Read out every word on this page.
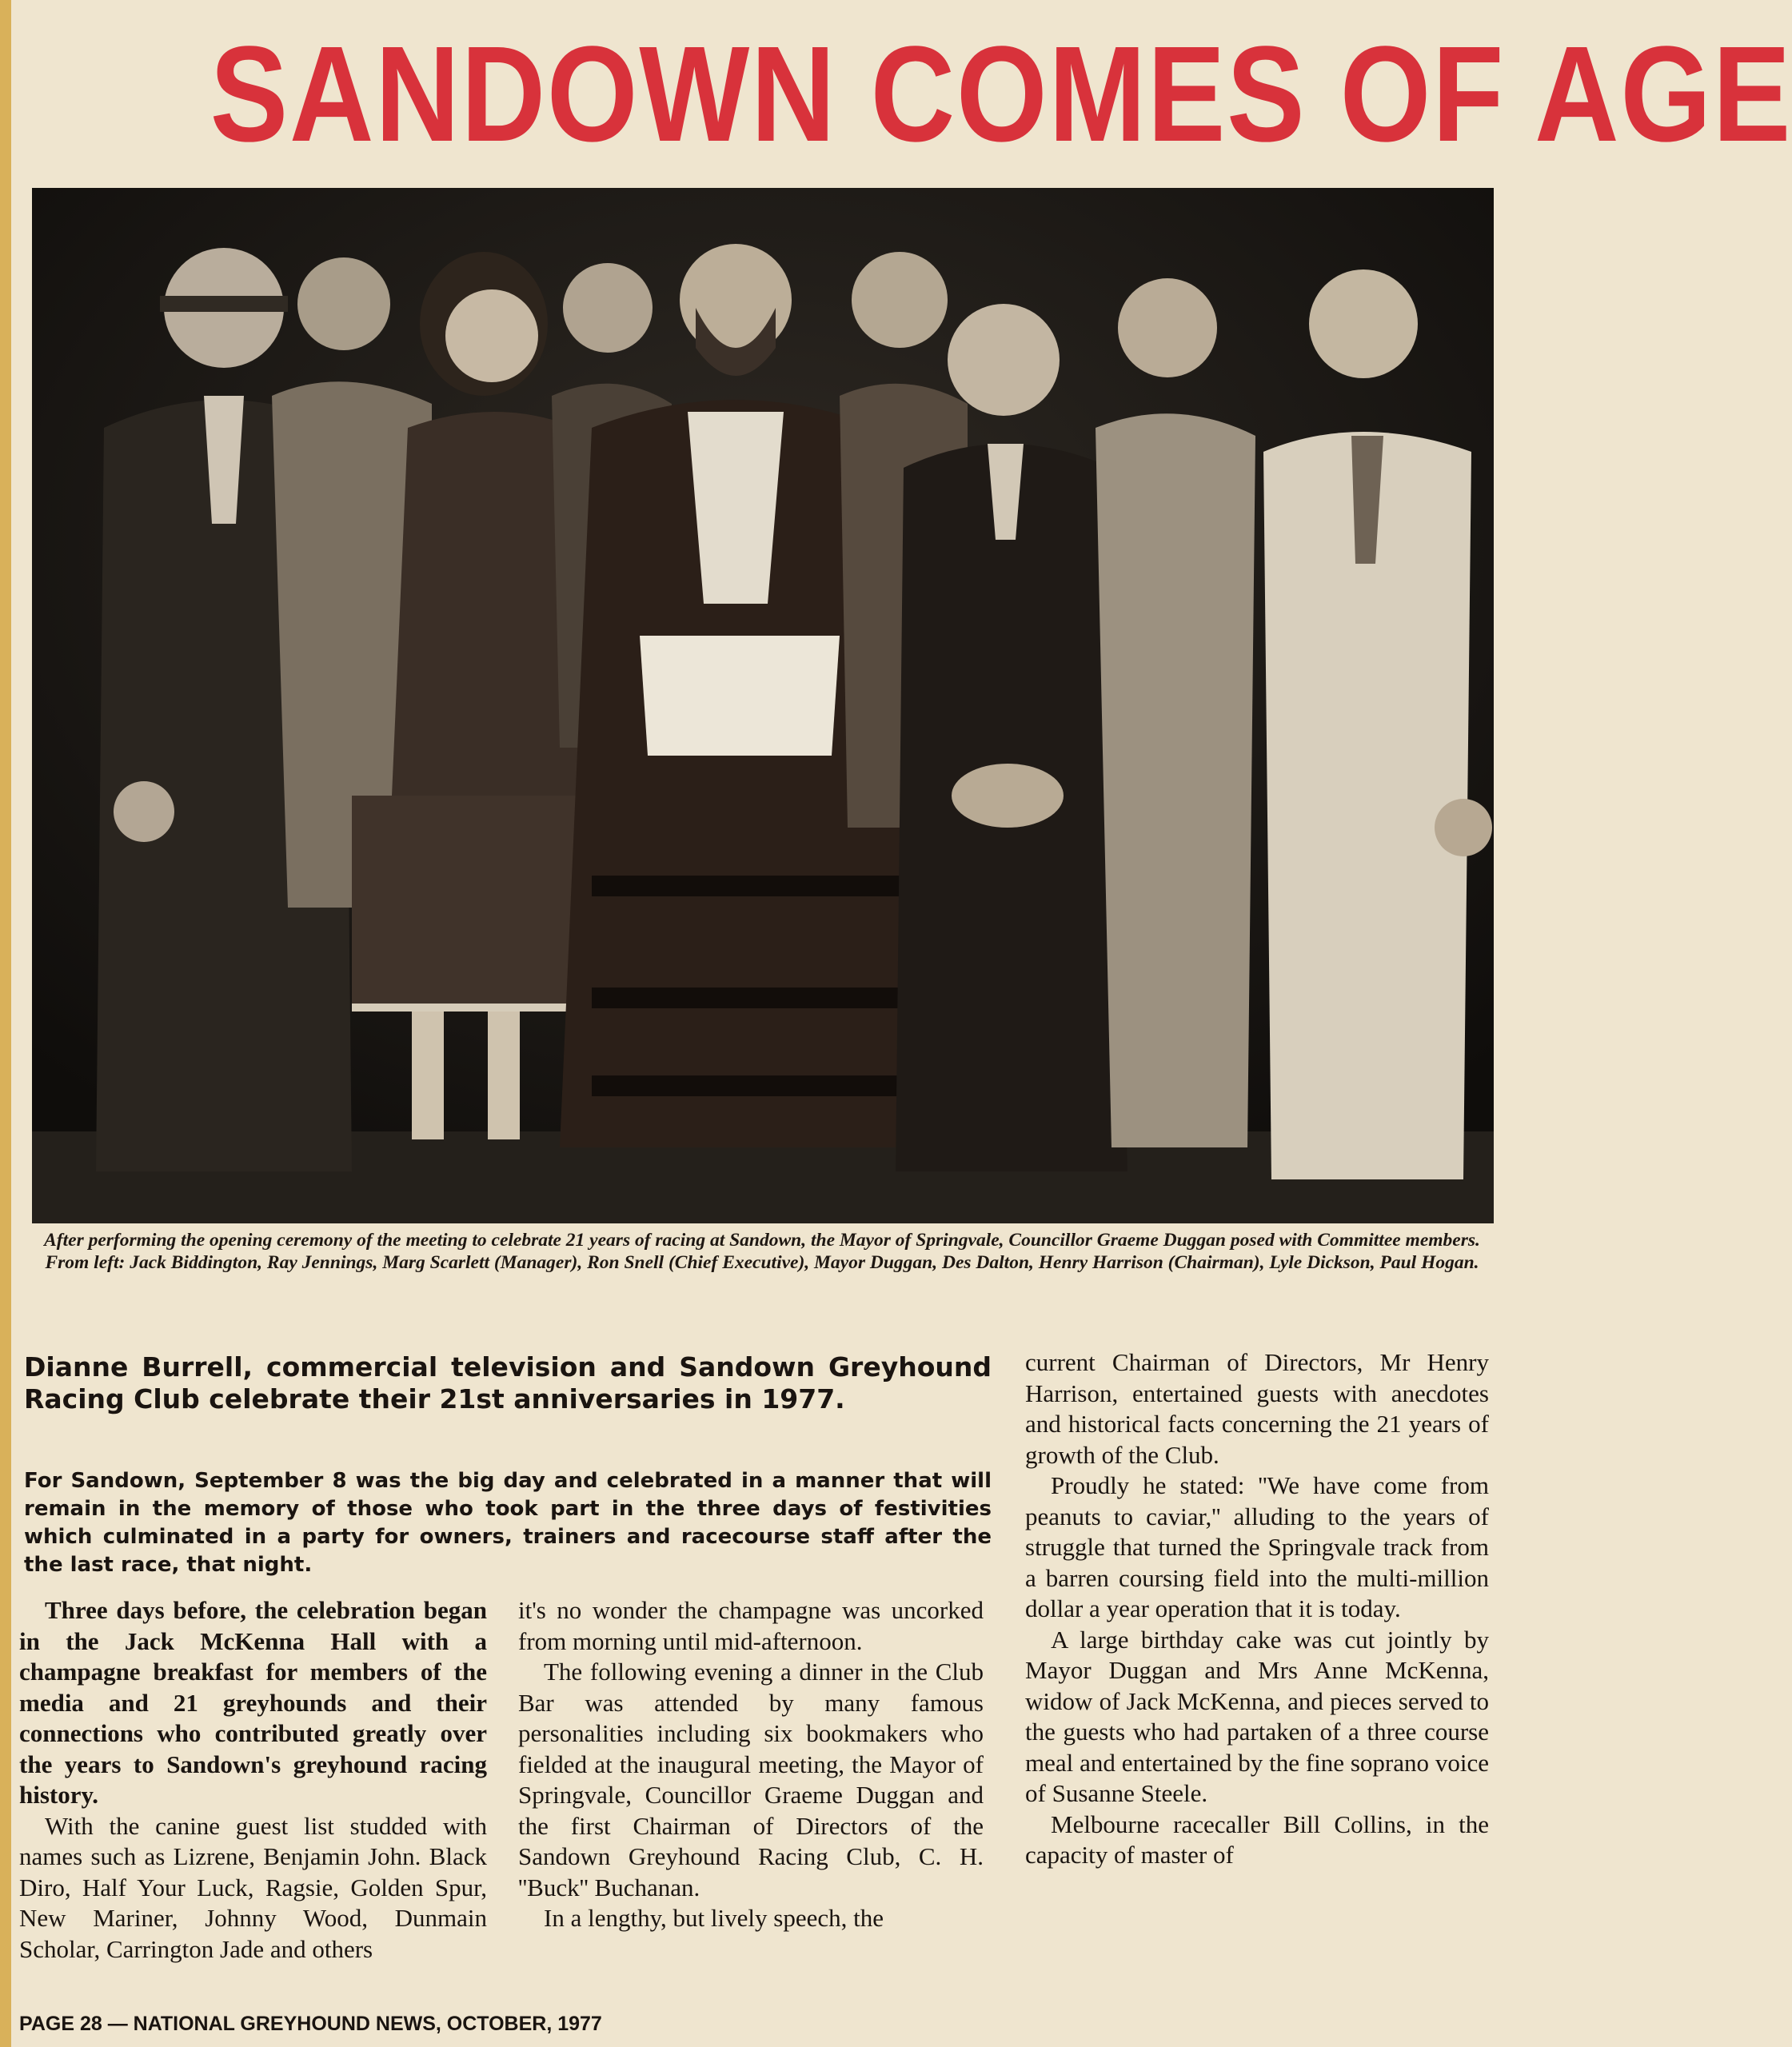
SANDOWN COMES OF AGE

After performing the opening ceremony of the meeting to celebrate 21 years of racing at Sandown, the Mayor of Springvale, Councillor Graeme Duggan posed with Committee members. From left: Jack Biddington, Ray Jennings, Marg Scarlett (Manager), Ron Snell (Chief Executive), Mayor Duggan, Des Dalton, Henry Harrison (Chairman), Lyle Dickson, Paul Hogan.

Dianne Burrell, commercial television and Sandown Greyhound Racing Club celebrate their 21st anniversaries in 1977.

For Sandown, September 8 was the big day and celebrated in a manner that will remain in the memory of those who took part in the three days of festivities which culminated in a party for owners, trainers and racecourse staff after the the last race, that night.

Three days before, the celebration began in the Jack McKenna Hall with a champagne breakfast for members of the media and 21 greyhounds and their connections who contributed greatly over the years to Sandown's greyhound racing history.

With the canine guest list studded with names such as Lizrene, Benjamin John. Black Diro, Half Your Luck, Ragsie, Golden Spur, New Mariner, Johnny Wood, Dunmain Scholar, Carrington Jade and others

it's no wonder the champagne was uncorked from morning until mid-afternoon.

The following evening a dinner in the Club Bar was attended by many famous personalities including six bookmakers who fielded at the inaugural meeting, the Mayor of Springvale, Councillor Graeme Duggan and the first Chairman of Directors of the Sandown Greyhound Racing Club, C. H. ''Buck'' Buchanan.

In a lengthy, but lively speech, the

current Chairman of Directors, Mr Henry Harrison, entertained guests with anecdotes and historical facts concerning the 21 years of growth of the Club.

Proudly he stated: ''We have come from peanuts to caviar,'' alluding to the years of struggle that turned the Springvale track from a barren coursing field into the multi-million dollar a year operation that it is today.

A large birthday cake was cut jointly by Mayor Duggan and Mrs Anne McKenna, widow of Jack McKenna, and pieces served to the guests who had partaken of a three course meal and entertained by the fine soprano voice of Susanne Steele.

Melbourne racecaller Bill Collins, in the capacity of master of

PAGE 28 — NATIONAL GREYHOUND NEWS, OCTOBER, 1977
